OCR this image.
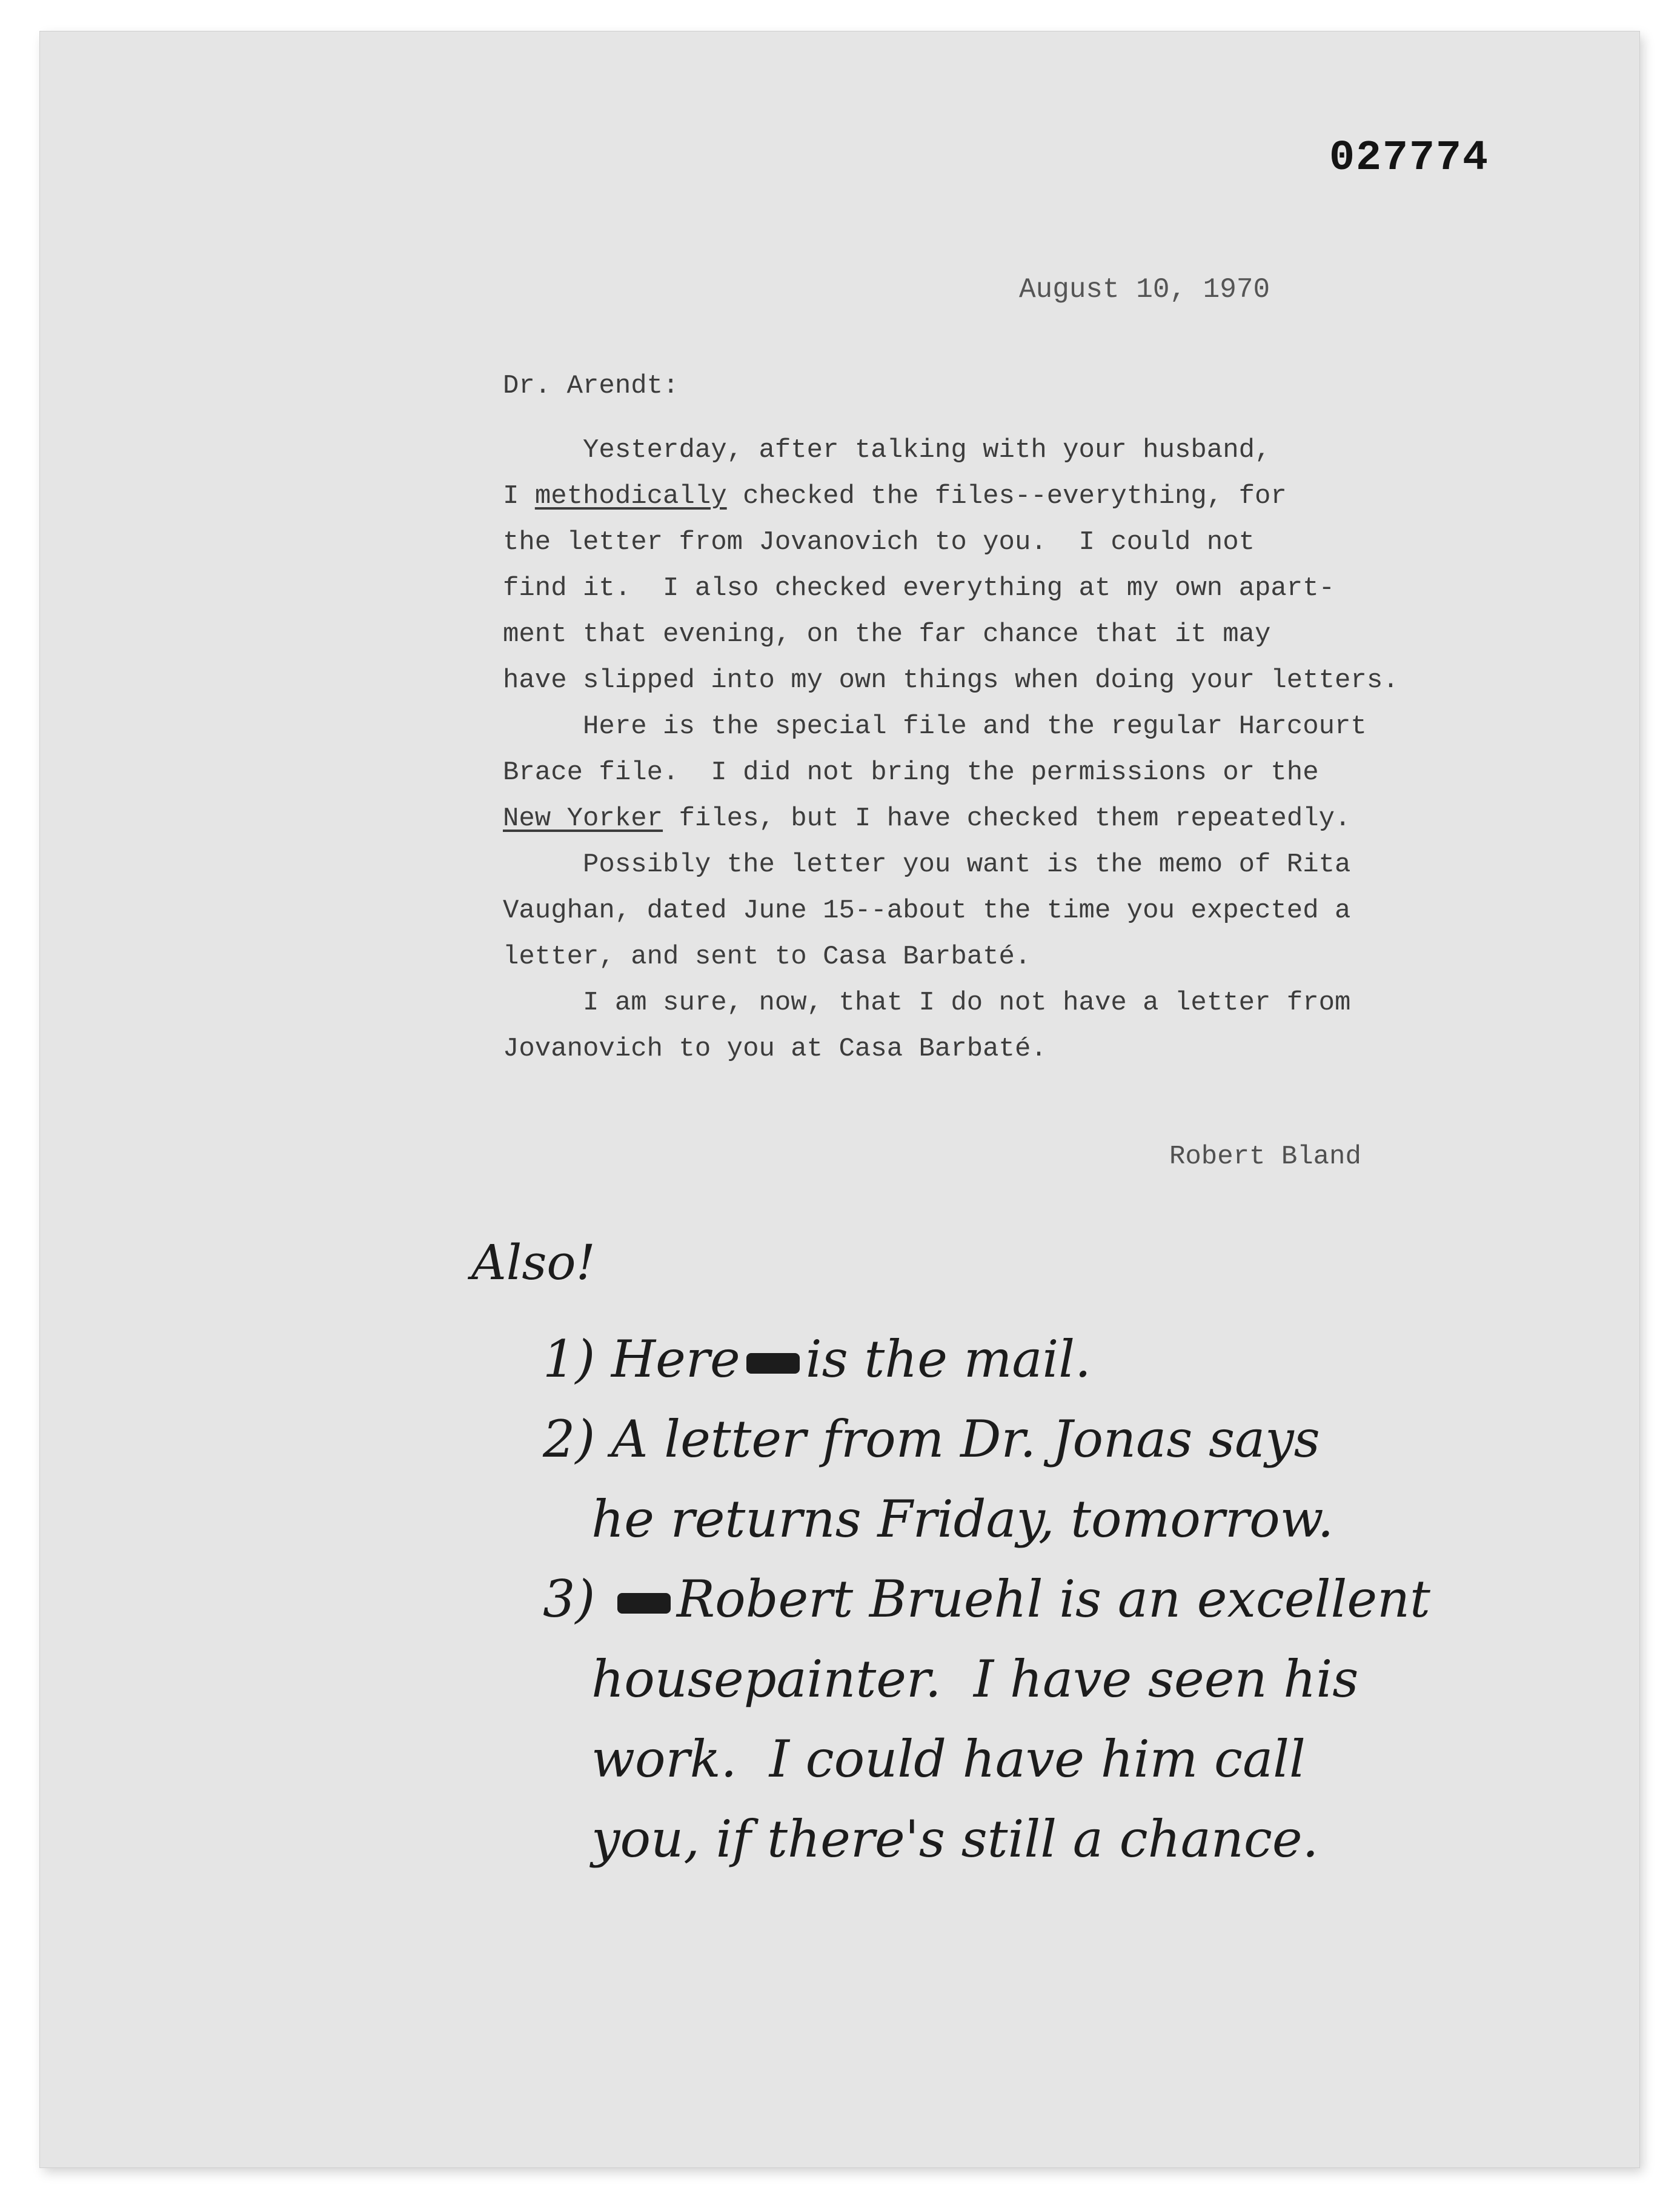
027774
August 10, 1970
Dr. Arendt:
Yesterday, after talking with your husband,
I methodically checked the files--everything, for
the letter from Jovanovich to you.  I could not
find it.  I also checked everything at my own apart-
ment that evening, on the far chance that it may
have slipped into my own things when doing your letters.
Here is the special file and the regular Harcourt
Brace file.  I did not bring the permissions or the
New Yorker files, but I have checked them repeatedly.
Possibly the letter you want is the memo of Rita
Vaughan, dated June 15--about the time you expected a
letter, and sent to Casa Barbaté.
I am sure, now, that I do not have a letter from
Jovanovich to you at Casa Barbaté.
Robert Bland
Also!
1) Here is the mail.
2) A letter from Dr. Jonas says
he returns Friday, tomorrow.
3) Robert Bruehl is an excellent
housepainter.  I have seen his
work.  I could have him call
you, if there's still a chance.
